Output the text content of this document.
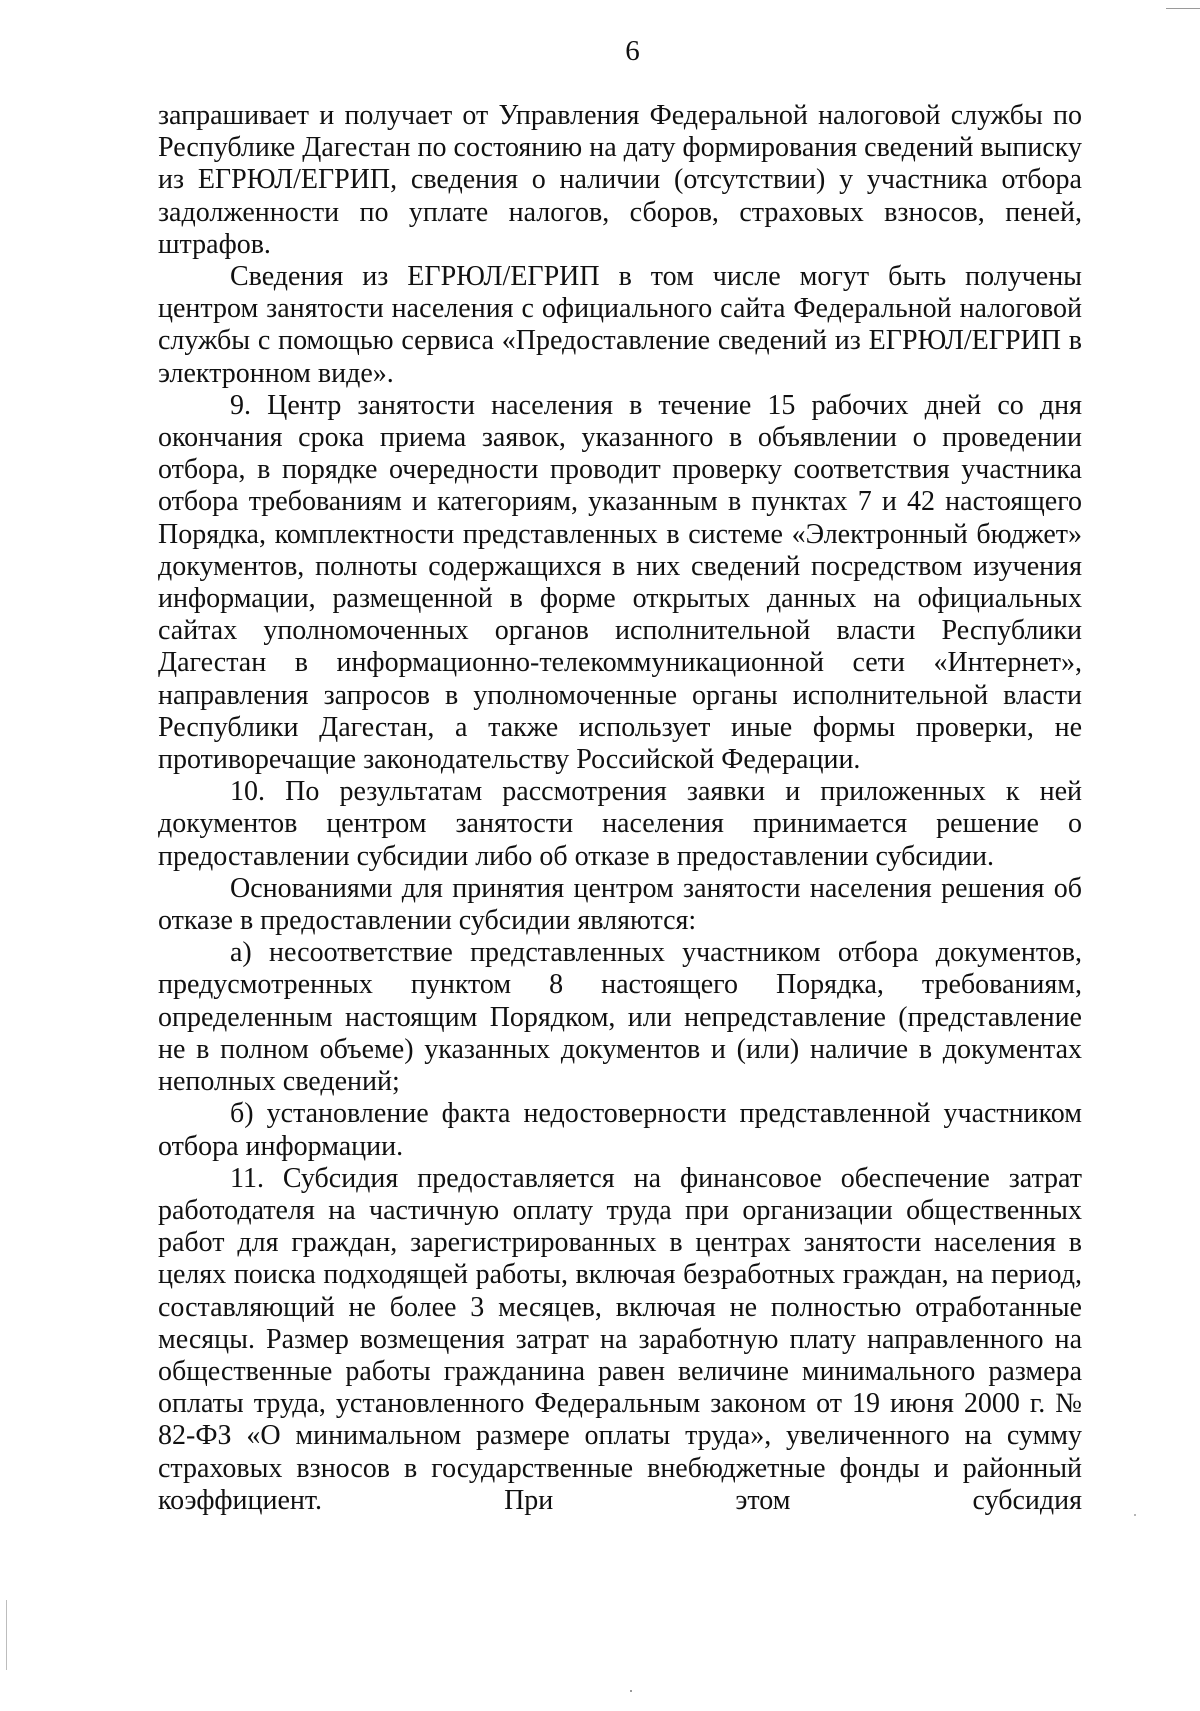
6

запрашивает и получает от Управления Федеральной налоговой службы по Республике Дагестан по состоянию на дату формирования сведений выписку из ЕГРЮЛ/ЕГРИП, сведения о наличии (отсутствии) у участника отбора задолженности по уплате налогов, сборов, страховых взносов, пеней, штрафов.

Сведения из ЕГРЮЛ/ЕГРИП в том числе могут быть получены центром занятости населения с официального сайта Федеральной налоговой службы с помощью сервиса «Предоставление сведений из ЕГРЮЛ/ЕГРИП в электронном виде».

9. Центр занятости населения в течение 15 рабочих дней со дня окончания срока приема заявок, указанного в объявлении о проведении отбора, в порядке очередности проводит проверку соответствия участника отбора требованиям и категориям, указанным в пунктах 7 и 42 настоящего Порядка, комплектности представленных в системе «Электронный бюджет» документов, полноты содержащихся в них сведений посредством изучения информации, размещенной в форме открытых данных на официальных сайтах уполномоченных органов исполнительной власти Республики Дагестан в информационно-телекоммуникационной сети «Интернет», направления запросов в уполномоченные органы исполнительной власти Республики Дагестан, а также использует иные формы проверки, не противоречащие законодательству Российской Федерации.

10. По результатам рассмотрения заявки и приложенных к ней документов центром занятости населения принимается решение о предоставлении субсидии либо об отказе в предоставлении субсидии.

Основаниями для принятия центром занятости населения решения об отказе в предоставлении субсидии являются:

а) несоответствие представленных участником отбора документов, предусмотренных пунктом 8 настоящего Порядка, требованиям, определенным настоящим Порядком, или непредставление (представление не в полном объеме) указанных документов и (или) наличие в документах неполных сведений;

б) установление факта недостоверности представленной участником отбора информации.

11. Субсидия предоставляется на финансовое обеспечение затрат работодателя на частичную оплату труда при организации общественных работ для граждан, зарегистрированных в центрах занятости населения в целях поиска подходящей работы, включая безработных граждан, на период, составляющий не более 3 месяцев, включая не полностью отработанные месяцы. Размер возмещения затрат на заработную плату направленного на общественные работы гражданина равен величине минимального размера оплаты труда, установленного Федеральным законом от 19 июня 2000 г. № 82-ФЗ «О минимальном размере оплаты труда», увеличенного на сумму страховых взносов в государственные внебюджетные фонды и районный коэффициент. При этом субсидия
